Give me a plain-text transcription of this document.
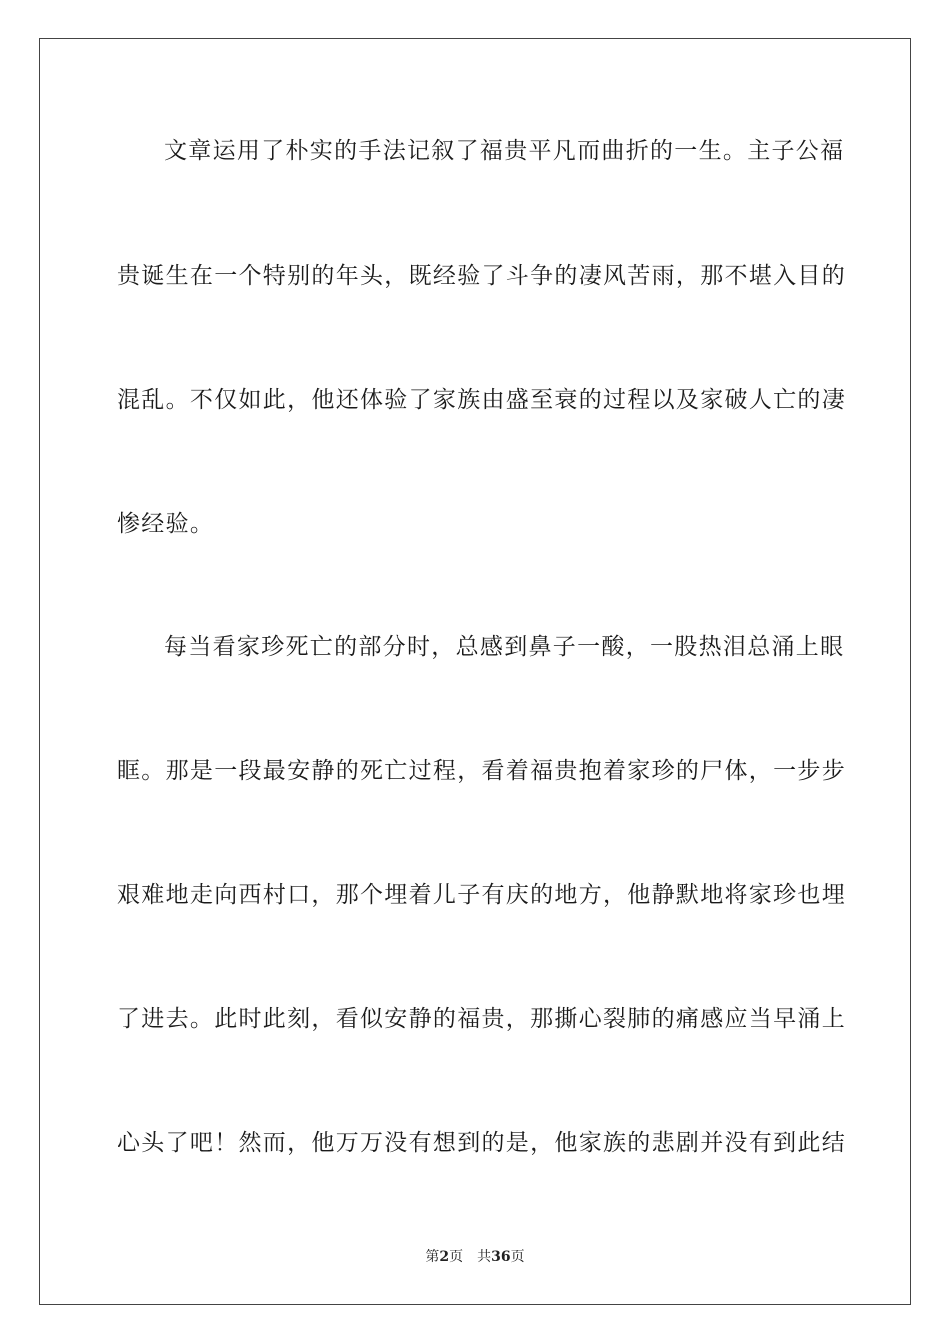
文章运用了朴实的手法记叙了福贵平凡而曲折的一生。主子公福
贵诞生在一个特别的年头，既经验了斗争的凄风苦雨，那不堪入目的
混乱。不仅如此，他还体验了家族由盛至衰的过程以及家破人亡的凄
惨经验。
每当看家珍死亡的部分时，总感到鼻子一酸，一股热泪总涌上眼
眶。那是一段最安静的死亡过程，看着福贵抱着家珍的尸体，一步步
艰难地走向西村口，那个埋着儿子有庆的地方，他静默地将家珍也埋
了进去。此时此刻，看似安静的福贵，那撕心裂肺的痛感应当早涌上
心头了吧！然而，他万万没有想到的是，他家族的悲剧并没有到此结
第2页 共36页
